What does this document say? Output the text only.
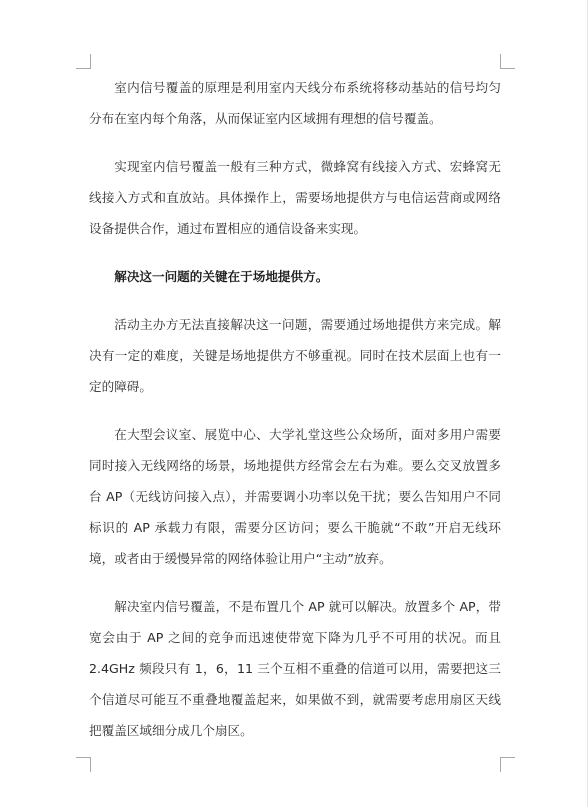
室内信号覆盖的原理是利用室内天线分布系统将移动基站的信号均匀分布在室内每个角落，从而保证室内区域拥有理想的信号覆盖。

实现室内信号覆盖一般有三种方式，微蜂窝有线接入方式、宏蜂窝无线接入方式和直放站。具体操作上，需要场地提供方与电信运营商或网络设备提供合作，通过布置相应的通信设备来实现。

解决这一问题的关键在于场地提供方。

活动主办方无法直接解决这一问题，需要通过场地提供方来完成。解决有一定的难度，关键是场地提供方不够重视。同时在技术层面上也有一定的障碍。

在大型会议室、展览中心、大学礼堂这些公众场所，面对多用户需要同时接入无线网络的场景，场地提供方经常会左右为难。要么交叉放置多台 AP（无线访问接入点），并需要调小功率以免干扰；要么告知用户不同标识的 AP 承载力有限，需要分区访问；要么干脆就“不敢”开启无线环境，或者由于缓慢异常的网络体验让用户“主动”放弃。

解决室内信号覆盖，不是布置几个 AP 就可以解决。放置多个 AP，带宽会由于 AP 之间的竞争而迅速使带宽下降为几乎不可用的状况。而且 2.4GHz 频段只有 1，6，11 三个互相不重叠的信道可以用，需要把这三个信道尽可能互不重叠地覆盖起来，如果做不到，就需要考虑用扇区天线把覆盖区域细分成几个扇区。
